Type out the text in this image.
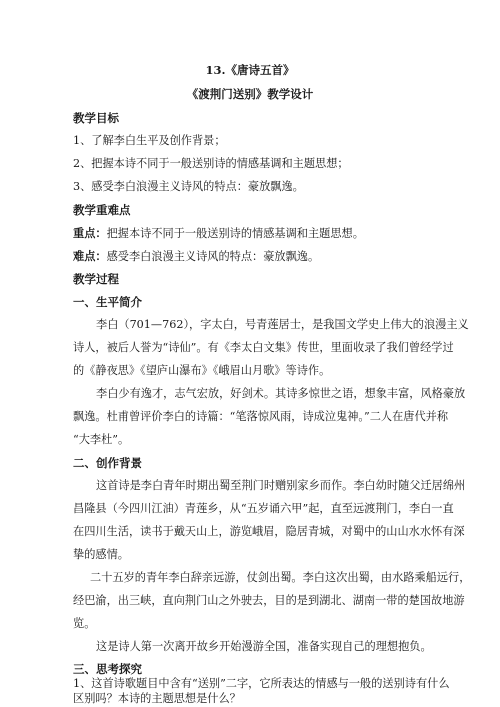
13.《唐诗五首》
《渡荆门送别》教学设计
教学目标
1、了解李白生平及创作背景；
2、把握本诗不同于一般送别诗的情感基调和主题思想；
3、感受李白浪漫主义诗风的特点：豪放飘逸。
教学重难点
重点：把握本诗不同于一般送别诗的情感基调和主题思想。
难点：感受李白浪漫主义诗风的特点：豪放飘逸。
教学过程
一、生平简介
李白（701—762），字太白，号青莲居士，是我国文学史上伟大的浪漫主义
诗人，被后人誉为“诗仙”。有《李太白文集》传世，里面收录了我们曾经学过
的《静夜思》《望庐山瀑布》《峨眉山月歌》等诗作。
李白少有逸才，志气宏放，好剑术。其诗多惊世之语，想象丰富，风格豪放
飘逸。杜甫曾评价李白的诗篇：“笔落惊风雨，诗成泣鬼神。”二人在唐代并称
“大李杜”。
二、创作背景
这首诗是李白青年时期出蜀至荆门时赠别家乡而作。李白幼时随父迁居绵州
昌隆县（今四川江油）青莲乡，从“五岁诵六甲”起，直至远渡荆门，李白一直
在四川生活，读书于戴天山上，游览峨眉，隐居青城，对蜀中的山山水水怀有深
挚的感情。
二十五岁的青年李白辞亲远游，仗剑出蜀。李白这次出蜀，由水路乘船远行，
经巴渝，出三峡，直向荆门山之外驶去，目的是到湖北、湖南一带的楚国故地游
览。
这是诗人第一次离开故乡开始漫游全国，准备实现自己的理想抱负。
三、思考探究
1、这首诗歌题目中含有“送别”二字，它所表达的情感与一般的送别诗有什么
区别吗？本诗的主题思想是什么？
